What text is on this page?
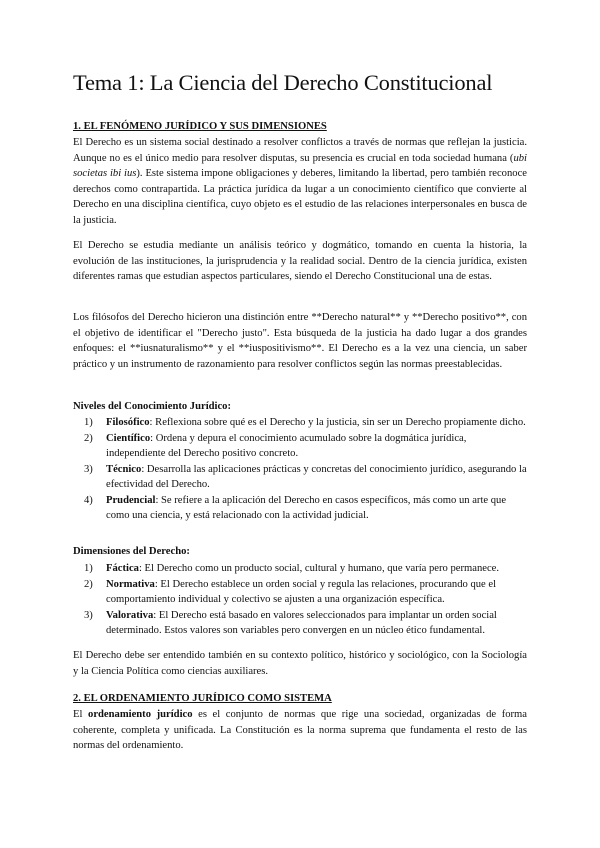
Tema 1: La Ciencia del Derecho Constitucional
1. EL FENÓMENO JURÍDICO Y SUS DIMENSIONES

El Derecho es un sistema social destinado a resolver conflictos a través de normas que reflejan la justicia. Aunque no es el único medio para resolver disputas, su presencia es crucial en toda sociedad humana (ubi societas ibi ius). Este sistema impone obligaciones y deberes, limitando la libertad, pero también reconoce derechos como contrapartida. La práctica jurídica da lugar a un conocimiento científico que convierte al Derecho en una disciplina científica, cuyo objeto es el estudio de las relaciones interpersonales en busca de la justicia.

El Derecho se estudia mediante un análisis teórico y dogmático, tomando en cuenta la historia, la evolución de las instituciones, la jurisprudencia y la realidad social. Dentro de la ciencia jurídica, existen diferentes ramas que estudian aspectos particulares, siendo el Derecho Constitucional una de estas.

Los filósofos del Derecho hicieron una distinción entre **Derecho natural** y **Derecho positivo**, con el objetivo de identificar el "Derecho justo". Esta búsqueda de la justicia ha dado lugar a dos grandes enfoques: el **iusnaturalismo** y el **iuspositivismo**. El Derecho es a la vez una ciencia, un saber práctico y un instrumento de razonamiento para resolver conflictos según las normas preestablecidas.

Niveles del Conocimiento Jurídico:
1) Filosófico: Reflexiona sobre qué es el Derecho y la justicia, sin ser un Derecho propiamente dicho.
2) Científico: Ordena y depura el conocimiento acumulado sobre la dogmática jurídica, independiente del Derecho positivo concreto.
3) Técnico: Desarrolla las aplicaciones prácticas y concretas del conocimiento jurídico, asegurando la efectividad del Derecho.
4) Prudencial: Se refiere a la aplicación del Derecho en casos específicos, más como un arte que como una ciencia, y está relacionado con la actividad judicial.
Dimensiones del Derecho:
1) Fáctica: El Derecho como un producto social, cultural y humano, que varía pero permanece.
2) Normativa: El Derecho establece un orden social y regula las relaciones, procurando que el comportamiento individual y colectivo se ajusten a una organización específica.
3) Valorativa: El Derecho está basado en valores seleccionados para implantar un orden social determinado. Estos valores son variables pero convergen en un núcleo ético fundamental.

El Derecho debe ser entendido también en su contexto político, histórico y sociológico, con la Sociología y la Ciencia Política como ciencias auxiliares.

2. EL ORDENAMIENTO JURÍDICO COMO SISTEMA

El ordenamiento jurídico es el conjunto de normas que rige una sociedad, organizadas de forma coherente, completa y unificada. La Constitución es la norma suprema que fundamenta el resto de las normas del ordenamiento.
